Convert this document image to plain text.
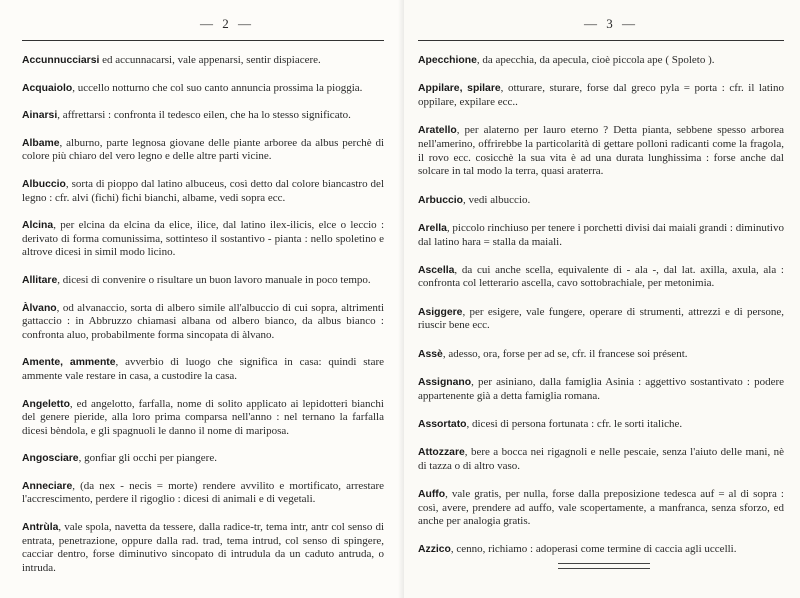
— 2 —

Accunnucciarsi ed accunnacarsi, vale appenarsi, sentir dispiacere.

Acquaiolo, uccello notturno che col suo canto annuncia prossima la pioggia.

Ainarsi, affrettarsi : confronta il tedesco eilen, che ha lo stesso significato.

Albame, alburno, parte legnosa giovane delle piante arboree da albus perchè di colore più chiaro del vero legno e delle altre parti vicine.

Albuccio, sorta di pioppo dal latino albuceus, così detto dal colore biancastro del legno : cfr. alvi (fichi) fichi bianchi, albame, vedi sopra ecc.

Alcina, per elcina da elcina da elice, ilice, dal latino ilex-ilicis, elce o leccio : derivato di forma comunissima, sottinteso il sostantivo - pianta : nello spoletino e altrove dicesi in simil modo licino.

Allitare, dicesi di convenire o risultare un buon lavoro manuale in poco tempo.

Àlvano, od alvanaccio, sorta di albero simile all'albuccio di cui sopra, altrimenti gattaccio : in Abbruzzo chiamasi albana od albero bianco, da albus bianco : confronta aluo, probabilmente forma sincopata di àlvano.

Amente, ammente, avverbio di luogo che significa in casa: quindi stare ammente vale restare in casa, a custodire la casa.

Angeletto, ed angelotto, farfalla, nome di solito applicato ai lepidotteri bianchi del genere pieride, alla loro prima comparsa nell'anno : nel ternano la farfalla dicesi bèndola, e gli spagnuoli le danno il nome di mariposa.

Angosciare, gonfiar gli occhi per piangere.

Anneciare, (da nex - necis = morte) rendere avvilito e mortificato, arrestare l'accrescimento, perdere il rigoglio : dicesi di animali e di vegetali.

Antrùla, vale spola, navetta da tessere, dalla radice-tr, tema intr, antr col senso di entrata, penetrazione, oppure dalla rad. trad, tema intrud, col senso di spingere, cacciar dentro, forse diminutivo sincopato di intrudula da un caduto antruda, o intruda.

— 3 —

Apecchione, da apecchia, da apecula, cioè piccola ape ( Spoleto ).

Appilare, spilare, otturare, sturare, forse dal greco pyla = porta : cfr. il latino oppilare, expilare ecc..

Aratello, per alaterno per lauro eterno ? Detta pianta, sebbene spesso arborea nell'amerino, offrirebbe la particolarità di gettare polloni radicanti come la fragola, il rovo ecc. cosicchè la sua vita è ad una durata lunghissima : forse anche dal solcare in tal modo la terra, quasi araterra.

Arbuccio, vedi albuccio.

Arella, piccolo rinchiuso per tenere i porchetti divisi dai maiali grandi : diminutivo dal latino hara = stalla da maiali.

Ascella, da cui anche scella, equivalente di - ala -, dal lat. axilla, axula, ala : confronta col letterario ascella, cavo sottobrachiale, per metonimia.

Asiggere, per esigere, vale fungere, operare di strumenti, attrezzi e di persone, riuscir bene ecc.

Assè, adesso, ora, forse per ad se, cfr. il francese soi présent.

Assignano, per asiniano, dalla famiglia Asinia : aggettivo sostantivato : podere appartenente già a detta famiglia romana.

Assortato, dicesi di persona fortunata : cfr. le sorti italiche.

Attozzare, bere a bocca nei rigagnoli e nelle pescaie, senza l'aiuto delle mani, nè di tazza o di altro vaso.

Auffo, vale gratis, per nulla, forse dalla preposizione tedesca auf = al di sopra : così, avere, prendere ad auffo, vale scopertamente, a manfranca, senza sforzo, ed anche per analogia gratis.

Azzico, cenno, richiamo : adoperasi come termine di caccia agli uccelli.
